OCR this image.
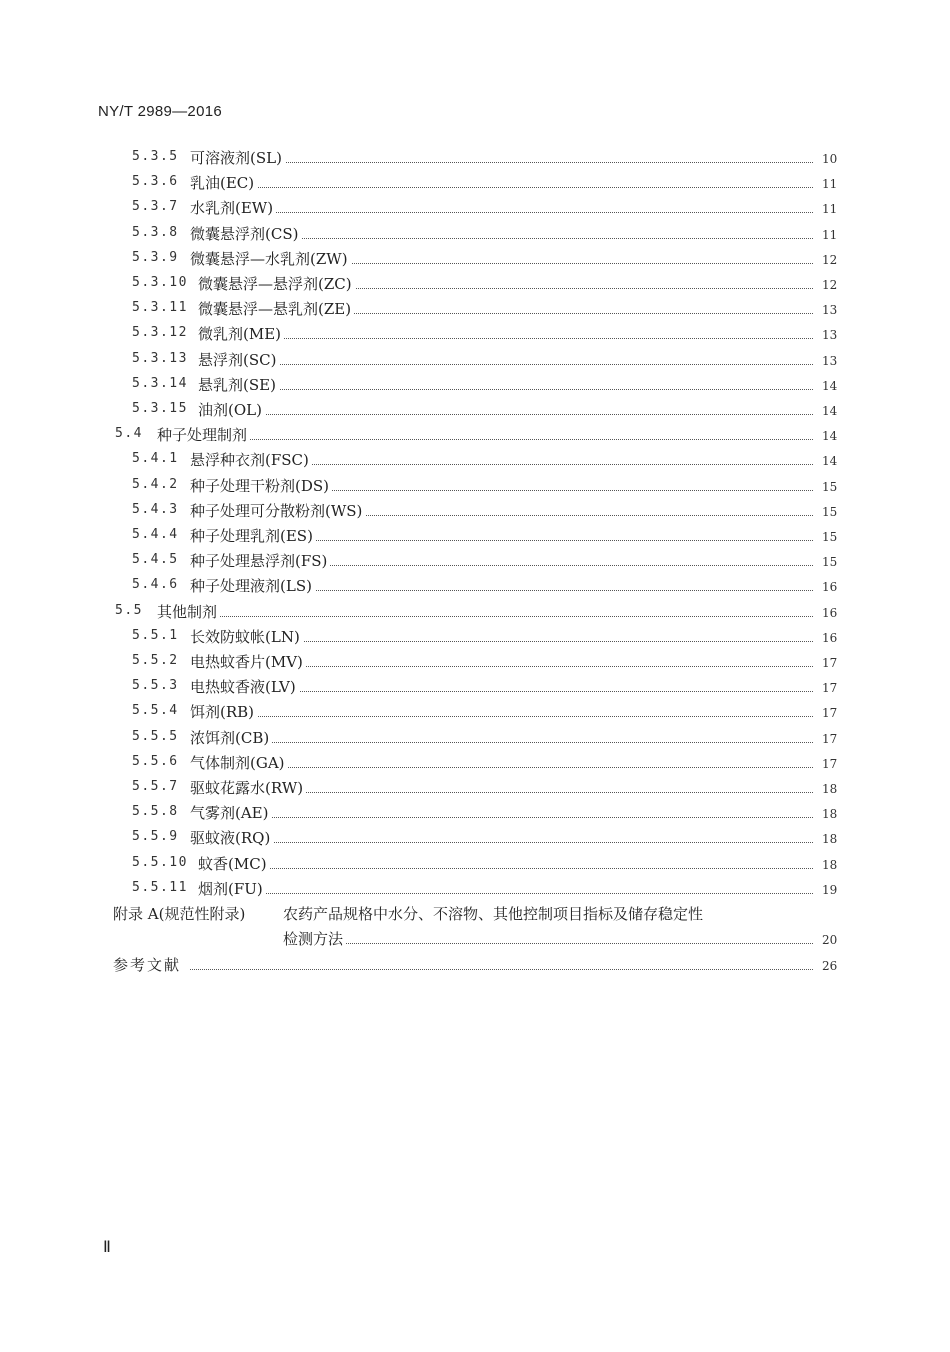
NY/T 2989—2016
5.3.5 可溶液剂(SL)	10
5.3.6 乳油(EC)	11
5.3.7 水乳剂(EW)	11
5.3.8 微囊悬浮剂(CS)	11
5.3.9 微囊悬浮—水乳剂(ZW)	12
5.3.10 微囊悬浮—悬浮剂(ZC)	12
5.3.11 微囊悬浮—悬乳剂(ZE)	13
5.3.12 微乳剂(ME)	13
5.3.13 悬浮剂(SC)	13
5.3.14 悬乳剂(SE)	14
5.3.15 油剂(OL)	14
5.4 种子处理制剂	14
5.4.1 悬浮种衣剂(FSC)	14
5.4.2 种子处理干粉剂(DS)	15
5.4.3 种子处理可分散粉剂(WS)	15
5.4.4 种子处理乳剂(ES)	15
5.4.5 种子处理悬浮剂(FS)	15
5.4.6 种子处理液剂(LS)	16
5.5 其他制剂	16
5.5.1 长效防蚊帐(LN)	16
5.5.2 电热蚊香片(MV)	17
5.5.3 电热蚊香液(LV)	17
5.5.4 饵剂(RB)	17
5.5.5 浓饵剂(CB)	17
5.5.6 气体制剂(GA)	17
5.5.7 驱蚊花露水(RW)	18
5.5.8 气雾剂(AE)	18
5.5.9 驱蚊液(RQ)	18
5.5.10 蚊香(MC)	18
5.5.11 烟剂(FU)	19
附录 A(规范性附录)	农药产品规格中水分、不溶物、其他控制项目指标及储存稳定性
检测方法	20
参考文献	26
Ⅱ
